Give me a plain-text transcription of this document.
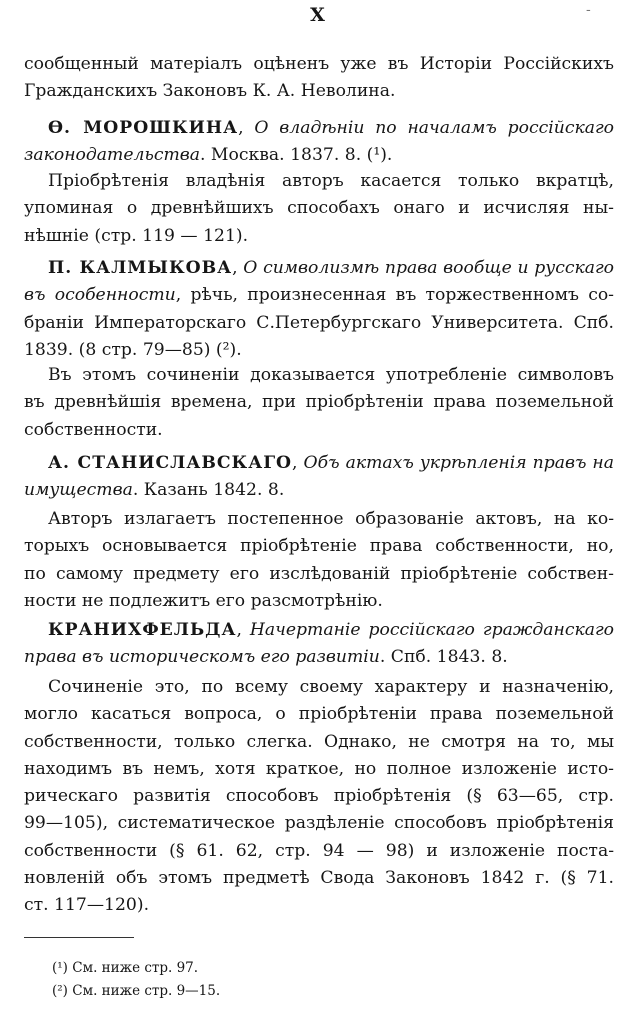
X	-
сообщенный матеріалъ оцѣненъ уже въ Исторіи Россійскихъ
Гражданскихъ Законовъ К. А. Неволина.
Ѳ. МОРОШКИНА, О владѣніи по началамъ россійскаго
законодательства. Москва. 1837. 8. (¹).
Пріобрѣтенія владѣнія авторъ касается только вкратцѣ,
упоминая о древнѣйшихъ способахъ онаго и исчисляя ны-
нѣшніе (стр. 119 — 121).
П. КАЛМЫКОВА, О символизмѣ права вообще и русскаго
въ особенности, рѣчь, произнесенная въ торжественномъ со-
браніи Императорскаго С.Петербургскаго Университета. Спб.
1839. (8 стр. 79—85) (²).
Въ этомъ сочиненіи доказывается употребленіе символовъ
въ древнѣйшія времена, при пріобрѣтеніи права поземельной
собственности.
А. СТАНИСЛАВСКАГО, Объ актахъ укрѣпленія правъ на
имущества. Казань 1842. 8.
Авторъ излагаетъ постепенное образованіе актовъ, на ко-
торыхъ основывается пріобрѣтеніе права собственности, но,
по самому предмету его изслѣдованій пріобрѣтеніе собствен-
ности не подлежитъ его разсмотрѣнію.
КРАНИХФЕЛЬДА, Начертаніе россійскаго гражданскаго
права въ историческомъ его развитіи. Спб. 1843. 8.
Сочиненіе это, по всему своему характеру и назначенію,
могло касаться вопроса, о пріобрѣтеніи права поземельной
собственности, только слегка. Однако, не смотря на то, мы
находимъ въ немъ, хотя краткое, но полное изложеніе исто-
рическаго развитія способовъ пріобрѣтенія (§ 63—65, стр.
99—105), систематическое раздѣленіе способовъ пріобрѣтенія
собственности (§ 61. 62, стр. 94 — 98) и изложеніе поста-
новленій объ этомъ предметѣ Свода Законовъ 1842 г. (§ 71.
ст. 117—120).
(¹) См. ниже стр. 97.
(²) См. ниже стр. 9—15.
